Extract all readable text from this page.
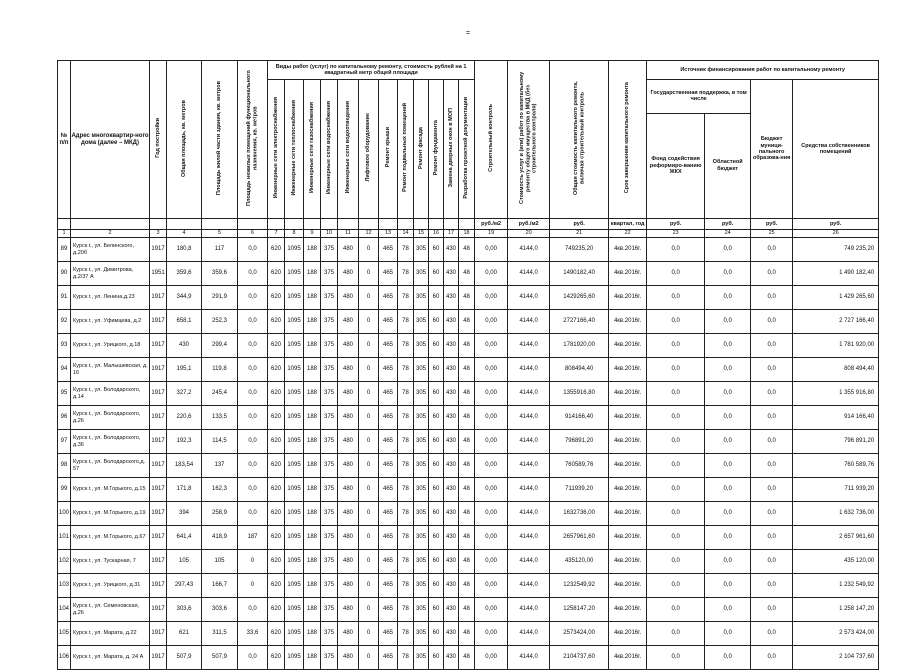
=
№ п/п	Адрес многоквартир-ного дома (далее – МКД)	Год постройки	Общая площадь, кв. метров	Площадь жилой части здания, кв. метров	Площадь нежилых помещений функционального назначения, кв. метров	Виды работ (услуг) по капитальному ремонту, стоимость рублей на 1 квадратный метр общей площади												Строительный контроль	Стоимость услуг и (или) работ по капитальному ремонту общего имущества в МКД (без строительного контроля)	Общая стоимость капитального ремонта, включая строительный контроль	Срок завершения капитального ремонта	Источник финансирования работ по капитальному ремонту			
						Инженерные сети электроснабжения	Инженерные сети теплоснабжения	Инженерные сети газоснабжения	Инженерные сети водоснабжения	Инженерные сети водоотведения	Лифтовое оборудование	Ремонт крыши	Ремонт подвальных помещений	Ремонт фасада	Ремонт фундамента	Замена дверных окон в МОП	Разработка проектной документации					Государственная поддержка, в том числе		Бюджет муници-пального образова-ния	Средства собственников помещений
																						Фонд содействия реформиро-ванию ЖКХ	Областной бюджет		
																		руб./м2	руб./м2	руб.	квартал, год	руб.	руб.	руб.	руб.
1	2	3	4	5	6	7	8	9	10	11	12	13	14	15	16	17	18	19	20	21	22	23	24	25	26
89	Курск г., ул. Белинского, д.20б	1917	180,8	117	0,0	620	1095	188	375	480	0	465	78	305	60	430	48	0,00	4144,0	749235,20	4кв.2016г.	0,0	0,0	0,0	749 235,20
90	Курск г., ул. Димитрова, д.2/37 А	1951	359,6	359,6	0,0	620	1095	188	375	480	0	465	78	305	60	430	48	0,00	4144,0	1490182,40	4кв.2016г.	0,0	0,0	0,0	1 490 182,40
91	Курск г., ул. Ленина,д.23	1917	344,9	291,9	0,0	620	1095	188	375	480	0	465	78	305	60	430	48	0,00	4144,0	1429265,60	4кв.2016г.	0,0	0,0	0,0	1 429 265,60
92	Курск г., ул. Уфимцева, д.2	1917	658,1	252,3	0,0	620	1095	188	375	480	0	465	78	305	60	430	48	0,00	4144,0	2727166,40	4кв.2016г.	0,0	0,0	0,0	2 727 166,40
93	Курск г., ул. Урицкого, д.18	1917	430	299,4	0,0	620	1095	188	375	480	0	465	78	305	60	430	48	0,00	4144,0	1781920,00	4кв.2016г.	0,0	0,0	0,0	1 781 920,00
94	Курск г., ул. Малышевская, д. 16	1917	195,1	119,8	0,0	620	1095	188	375	480	0	465	78	305	60	430	48	0,00	4144,0	808494,40	4кв.2016г.	0,0	0,0	0,0	808 494,40
95	Курск г., ул. Володарского, д.14	1917	327,2	245,4	0,0	620	1095	188	375	480	0	465	78	305	60	430	48	0,00	4144,0	1355916,80	4кв.2016г.	0,0	0,0	0,0	1 355 916,80
96	Курск г., ул. Володарского, д.26	1917	220,6	133,5	0,0	620	1095	188	375	480	0	465	78	305	60	430	48	0,00	4144,0	914166,40	4кв.2016г.	0,0	0,0	0,0	914 166,40
97	Курск г., ул. Володарского, д.36	1917	192,3	114,5	0,0	620	1095	188	375	480	0	465	78	305	60	430	48	0,00	4144,0	796891,20	4кв.2016г.	0,0	0,0	0,0	796 891,20
98	Курск г., ул. Володарского,д. 57	1917	183,54	137	0,0	620	1095	188	375	480	0	465	78	305	60	430	48	0,00	4144,0	760589,76	4кв.2016г.	0,0	0,0	0,0	760 589,76
99	Курск г., ул. М.Горького, д.15	1917	171,8	162,3	0,0	620	1095	188	375	480	0	465	78	305	60	430	48	0,00	4144,0	711939,20	4кв.2016г.	0,0	0,0	0,0	711 939,20
100	Курск г., ул. М.Горького, д.19	1917	394	258,9	0,0	620	1095	188	375	480	0	465	78	305	60	430	48	0,00	4144,0	1632736,00	4кв.2016г.	0,0	0,0	0,0	1 632 736,00
101	Курск г., ул. М.Горького, д.67	1917	641,4	418,9	187	620	1095	188	375	480	0	465	78	305	60	430	48	0,00	4144,0	2657961,60	4кв.2016г.	0,0	0,0	0,0	2 657 961,60
102	Курск г., ул. Тускарная, 7	1917	105	105	0	620	1095	188	375	480	0	465	78	305	60	430	48	0,00	4144,0	435120,00	4кв.2016г.	0,0	0,0	0,0	435 120,00
103	Курск г., ул. Урицкого, д.31	1917	297,43	166,7	0	620	1095	188	375	480	0	465	78	305	60	430	48	0,00	4144,0	1232549,92	4кв.2016г.	0,0	0,0	0,0	1 232 549,92
104	Курск г., ул. Семеновская, д.26	1917	303,6	303,6	0,0	620	1095	188	375	480	0	465	78	305	60	430	48	0,00	4144,0	1258147,20	4кв.2016г.	0,0	0,0	0,0	1 258 147,20
105	Курск г., ул. Марата, д.22	1917	621	311,5	33,6	620	1095	188	375	480	0	465	78	305	60	430	48	0,00	4144,0	2573424,00	4кв.2016г.	0,0	0,0	0,0	2 573 424,00
106	Курск г., ул. Марата, д. 24 А	1917	507,9	507,9	0,0	620	1095	188	375	480	0	465	78	305	60	430	48	0,00	4144,0	2104737,60	4кв.2016г.	0,0	0,0	0,0	2 104 737,60
